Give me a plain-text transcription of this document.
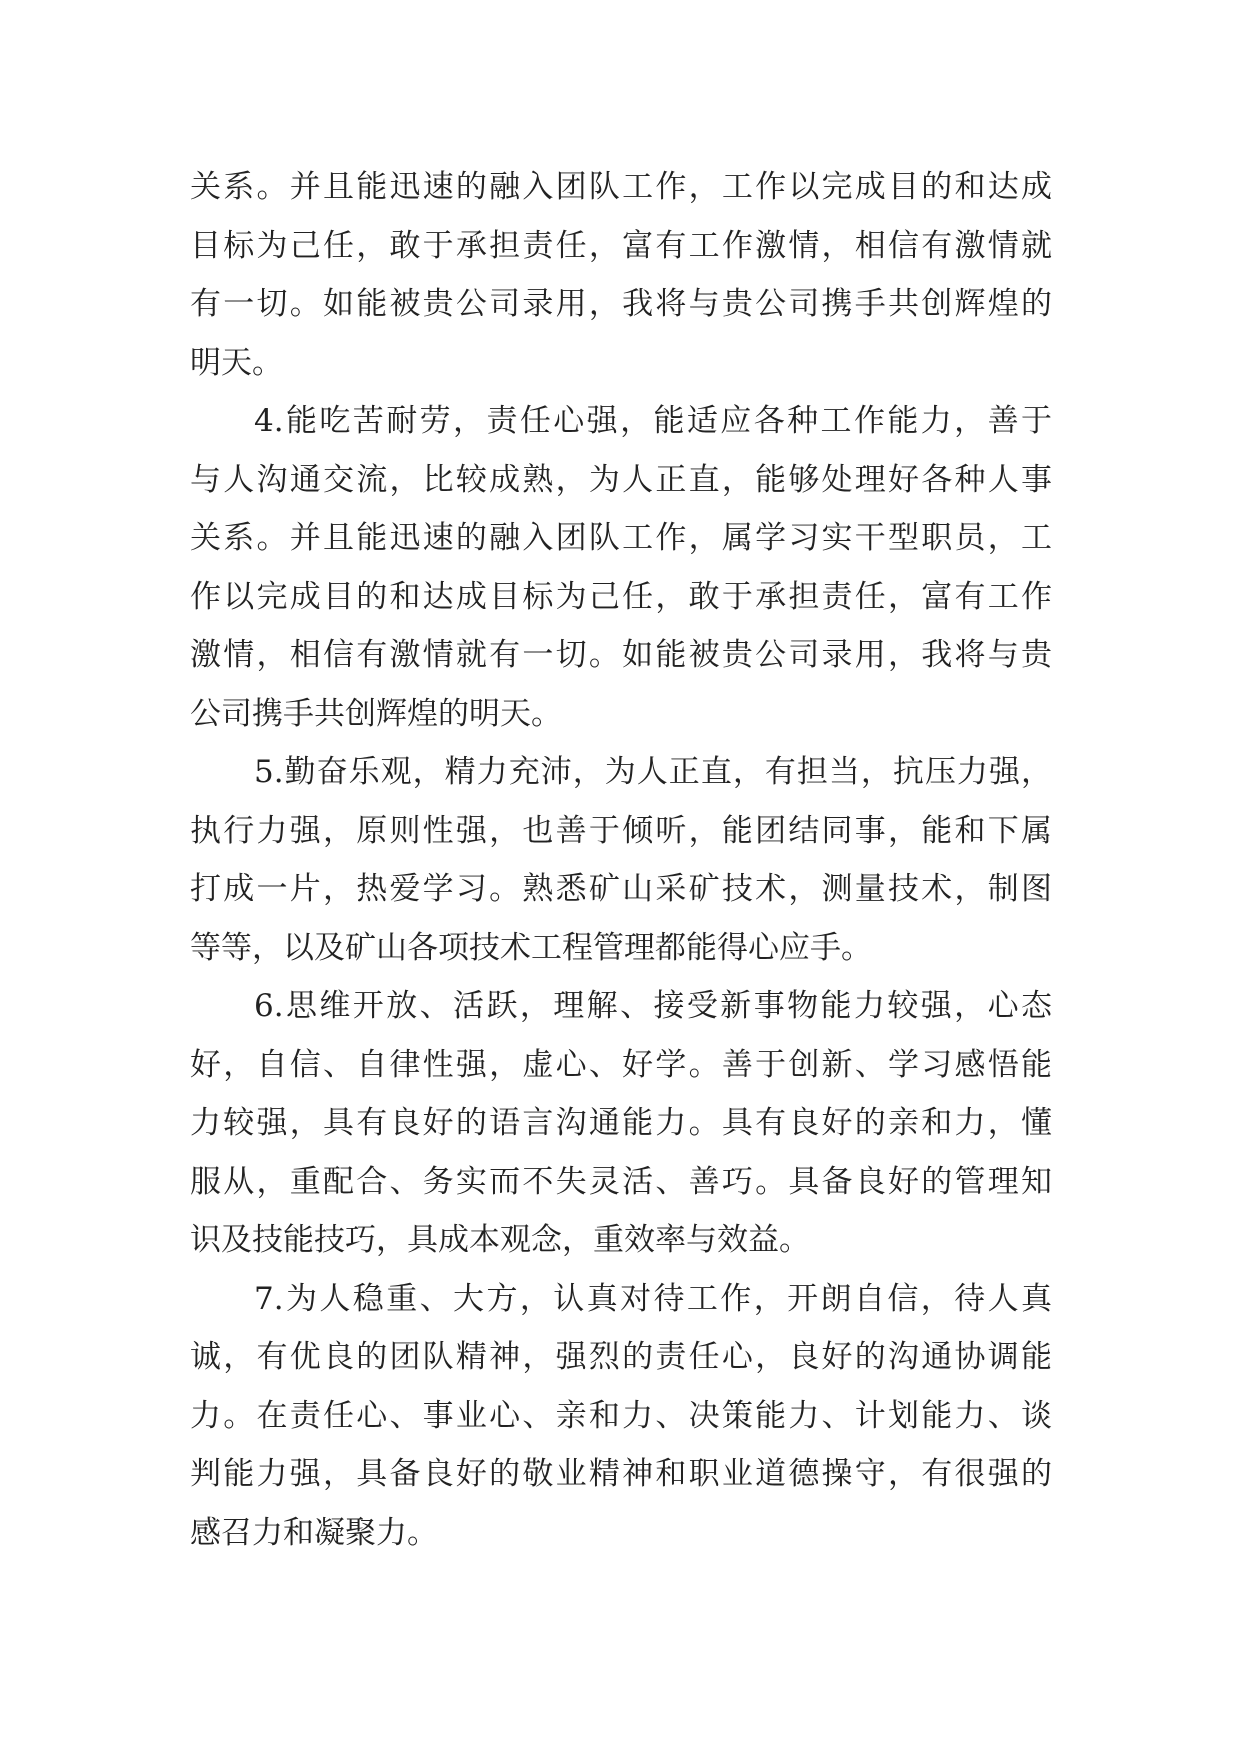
关系。并且能迅速的融入团队工作，工作以完成目的和达成
目标为己任，敢于承担责任，富有工作激情，相信有激情就
有一切。如能被贵公司录用，我将与贵公司携手共创辉煌的
明天。
4.能吃苦耐劳，责任心强，能适应各种工作能力，善于
与人沟通交流，比较成熟，为人正直，能够处理好各种人事
关系。并且能迅速的融入团队工作，属学习实干型职员，工
作以完成目的和达成目标为己任，敢于承担责任，富有工作
激情，相信有激情就有一切。如能被贵公司录用，我将与贵
公司携手共创辉煌的明天。
5.勤奋乐观，精力充沛，为人正直，有担当，抗压力强，
执行力强，原则性强，也善于倾听，能团结同事，能和下属
打成一片，热爱学习。熟悉矿山采矿技术，测量技术，制图
等等，以及矿山各项技术工程管理都能得心应手。
6.思维开放、活跃，理解、接受新事物能力较强，心态
好，自信、自律性强，虚心、好学。善于创新、学习感悟能
力较强，具有良好的语言沟通能力。具有良好的亲和力，懂
服从，重配合、务实而不失灵活、善巧。具备良好的管理知
识及技能技巧，具成本观念，重效率与效益。
7.为人稳重、大方，认真对待工作，开朗自信，待人真
诚，有优良的团队精神，强烈的责任心，良好的沟通协调能
力。在责任心、事业心、亲和力、决策能力、计划能力、谈
判能力强，具备良好的敬业精神和职业道德操守，有很强的
感召力和凝聚力。
